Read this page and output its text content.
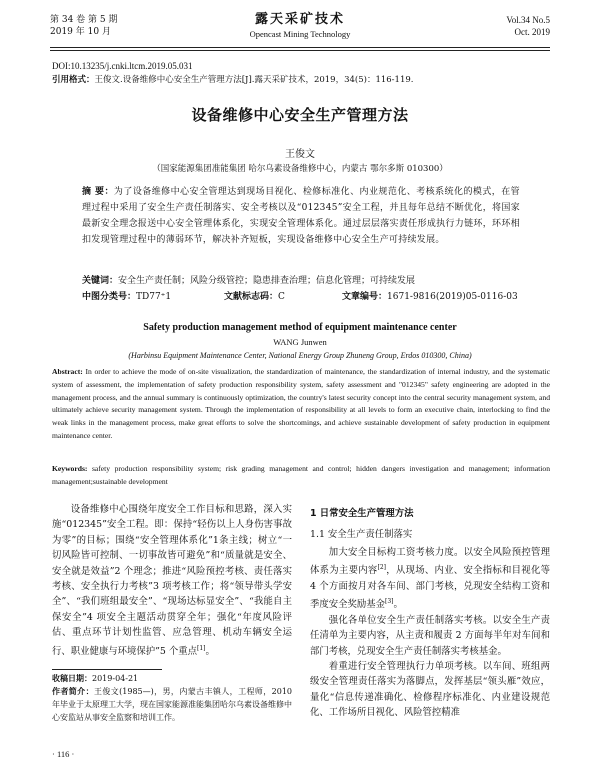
第 34 卷 第 5 期
2019 年 10 月
露天采矿技术
Opencast Mining Technology
Vol.34 No.5
Oct. 2019
DOI:10.13235/j.cnki.ltcm.2019.05.031
引用格式：王俊文.设备维修中心安全生产管理方法[J].露天采矿技术，2019，34(5)：116-119.
设备维修中心安全生产管理方法
王俊文
（国家能源集团准能集团 哈尔乌素设备维修中心，内蒙古 鄂尔多斯 010300）
摘 要：为了设备维修中心安全管理达到现场目视化、检修标准化、内业规范化、考核系统化的模式，在管理过程中采用了安全生产责任制落实、安全考核以及“012345”安全工程，并且每年总结不断优化，将国家最新安全理念报送中心安全管理体系化，实现安全管理体系化。通过层层落实责任形成执行力链环，环环相扣发现管理过程中的薄弱环节，解决补齐短板，实现设备维修中心安全生产可持续发展。
关键词：安全生产责任制；风险分级管控；隐患排查治理；信息化管理；可持续发展
中图分类号： TD77⁺1	文献标志码： C	文章编号： 1671-9816(2019)05-0116-03
Safety production management method of equipment maintenance center
WANG Junwen
(Harbinsu Equipment Maintenance Center, National Energy Group Zhuneng Group, Erdos 010300, China)
Abstract: In order to achieve the mode of on-site visualization, the standardization of maintenance, the standardization of internal industry, and the systematic system of assessment, the implementation of safety production responsibility system, safety assessment and "012345" safety engineering are adopted in the management process, and the annual summary is continuously optimization, the country's latest security concept into the central security management system, and ultimately achieve security management system. Through the implementation of responsibility at all levels to form an executive chain, interlocking to find the weak links in the management process, make great efforts to solve the shortcomings, and achieve sustainable development of safety production in equipment maintenance center.
Keywords: safety production responsibility system; risk grading management and control; hidden dangers investigation and management; information management;sustainable development

设备维修中心围绕年度安全工作目标和思路，深入实施“012345”安全工程。即：保持“轻伤以上人身伤害事故为零”的目标；围绕“安全管理体系化”1条主线；树立“一切风险皆可控制、一切事故皆可避免”和“质量就是安全、安全就是效益”2 个理念；推进“风险预控考核、责任落实考核、安全执行力考核”3 项考核工作；将“领导带头学安全”、“我们班组最安全”、“现场达标显安全”、“我能自主保安全”4 项安全主题活动贯穿全年；强化“年度风险评估、重点环节计划性监管、应急管理、机动车辆安全运行、职业健康与环境保护”5 个重点[1]。

收稿日期：2019-04-21
作者简介：王俊文(1985—)，男，内蒙古丰镇人，工程师，2010 年毕业于太原理工大学，现在国家能源准能集团哈尔乌素设备维修中心安监站从事安全监察和培训工作。
1 日常安全生产管理方法
1.1 安全生产责任制落实

加大安全目标构工资考核力度。以安全风险预控管理体系为主要内容[2]，从现场、内业、安全指标和目视化等 4 个方面按月对各车间、部门考核，兑现安全结构工资和季度安全奖励基金[3]。

强化各单位安全生产责任制落实考核。以安全生产责任清单为主要内容，从主责和履责 2 方面每半年对车间和部门考核，兑现安全生产责任制落实考核基金。

着重进行安全管理执行力单项考核。以车间、班组两级安全管理责任落实为落脚点，发挥基层“领头雁”效应，量化“信息传递准确化、检修程序标准化、内业建设规范化、工作场所目视化、风险管控精准

· 116 ·
